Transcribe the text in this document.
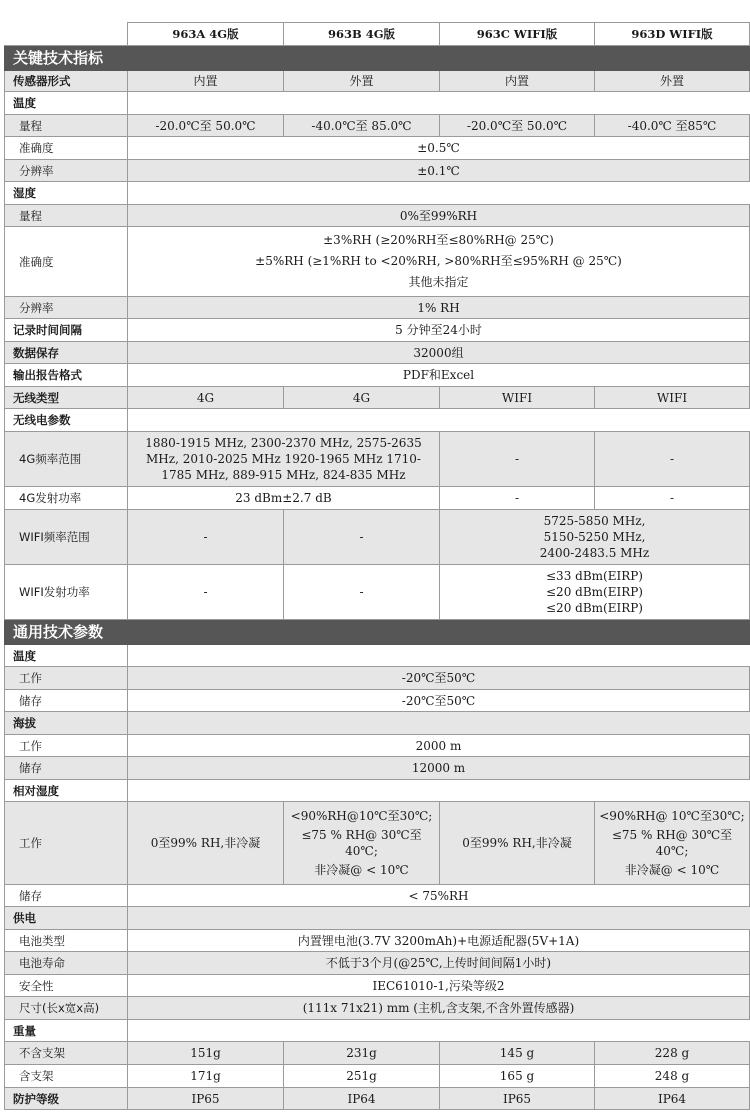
	963A 4G版	963B 4G版	963C WIFI版	963D WIFI版
关键技术指标				
传感器形式	内置	外置	内置	外置
温度				
量程	-20.0℃至 50.0℃	-40.0℃至 85.0℃	-20.0℃至 50.0℃	-40.0℃ 至85℃
准确度	±0.5℃			
分辨率	±0.1℃			
湿度				
量程	0%至99%RH			
准确度	±3%RH (≥20%RH至≤80%RH@ 25℃)
±5%RH (≥1%RH to <20%RH, >80%RH至≤95%RH @ 25℃)
其他未指定			

分辨率	1% RH			
记录时间间隔	5 分钟至24小时			
数据保存	32000组			
输出报告格式	PDF和Excel			
无线类型	4G	4G	WIFI	WIFI
无线电参数				
4G频率范围	1880-1915 MHz, 2300-2370 MHz, 2575-2635 MHz, 2010-2025 MHz 1920-1965 MHz 1710-1785 MHz, 889-915 MHz, 824-835 MHz		-	-
4G发射功率	23 dBm±2.7 dB		-	-
WIFI频率范围	-	-	5725-5850 MHz,
5150-5250 MHz,
2400-2483.5 MHz	

WIFI发射功率	-	-	≤33 dBm(EIRP)
≤20 dBm(EIRP)
≤20 dBm(EIRP)	

通用技术参数				
温度				
工作	-20℃至50℃			
储存	-20℃至50℃			
海拔				
工作	2000 m			
储存	12000 m			
相对湿度				
工作	0至99% RH,非冷凝	<90%RH@10℃至30℃;
≤75 % RH@ 30℃至 40℃;
非冷凝@ < 10℃	0至99% RH,非冷凝	<90%RH@ 10℃至30℃;
≤75 % RH@ 30℃至 40℃;
非冷凝@ < 10℃

储存	< 75%RH			
供电				
电池类型	内置锂电池(3.7V 3200mAh)+电源适配器(5V+1A)			
电池寿命	不低于3个月(@25℃,上传时间间隔1小时)			
安全性	IEC61010-1,污染等级2			
尺寸(长x宽x高)	(111x 71x21) mm (主机,含支架,不含外置传感器)			
重量				
不含支架	151g	231g	145 g	228 g
含支架	171g	251g	165 g	248 g
防护等级	IP65	IP64	IP65	IP64
